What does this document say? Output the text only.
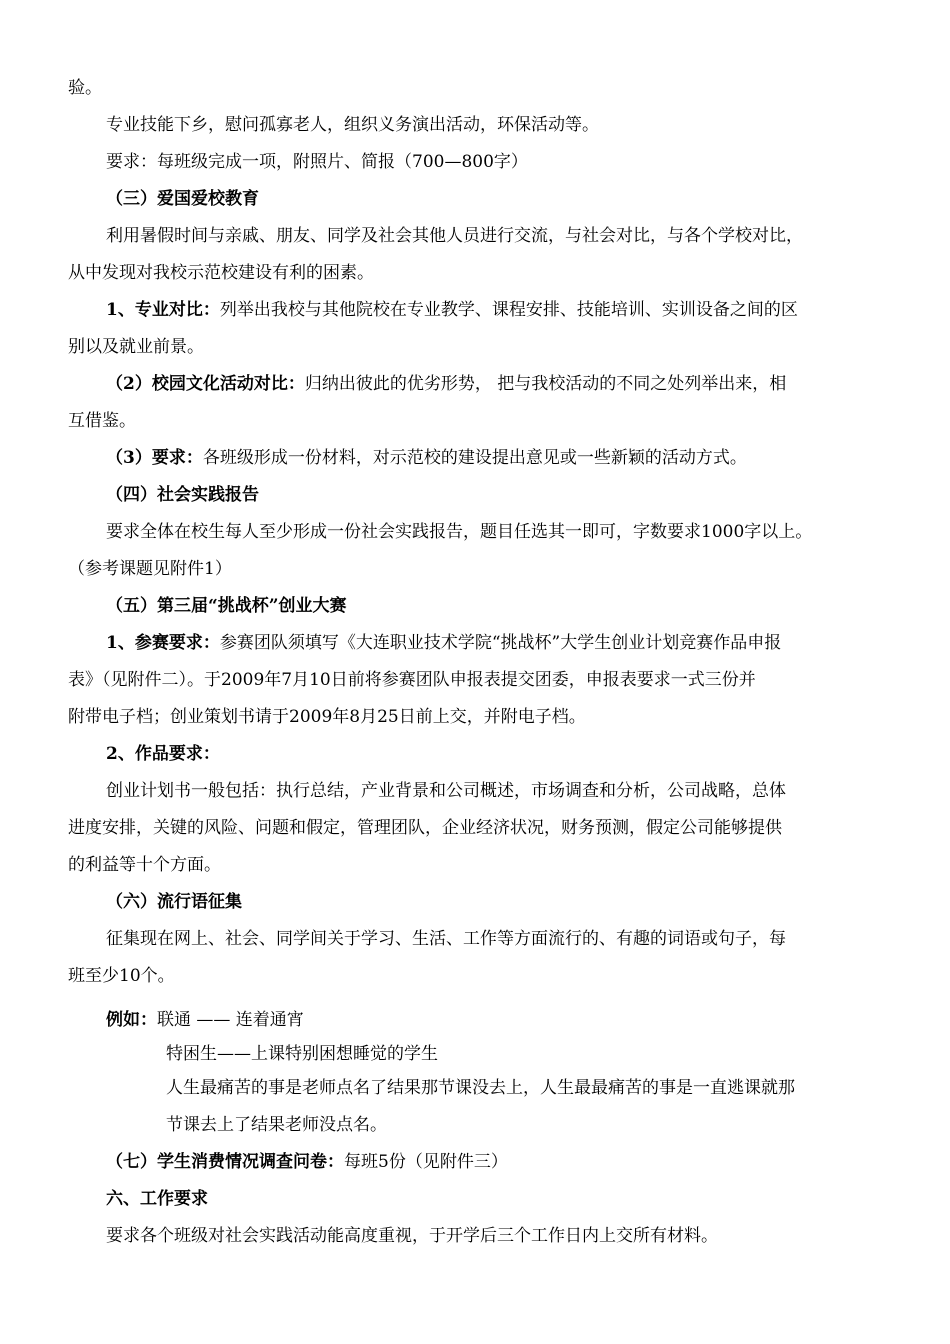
验。
专业技能下乡，慰问孤寡老人，组织义务演出活动，环保活动等。
要求：每班级完成一项，附照片、简报（700—800字）
（三）爱国爱校教育
利用暑假时间与亲戚、朋友、同学及社会其他人员进行交流，与社会对比，与各个学校对比，
从中发现对我校示范校建设有利的困素。
1、专业对比：列举出我校与其他院校在专业教学、课程安排、技能培训、实训设备之间的区
别以及就业前景。
（2）校园文化活动对比：归纳出彼此的优劣形势， 把与我校活动的不同之处列举出来，相
互借鉴。
（3）要求：各班级形成一份材料，对示范校的建设提出意见或一些新颖的活动方式。
（四）社会实践报告
要求全体在校生每人至少形成一份社会实践报告，题目任选其一即可，字数要求1000字以上。
（参考课题见附件1）
（五）第三届“挑战杯”创业大赛
1、参赛要求：参赛团队须填写《大连职业技术学院“挑战杯”大学生创业计划竞赛作品申报
表》（见附件二）。于2009年7月10日前将参赛团队申报表提交团委，申报表要求一式三份并
附带电子档；创业策划书请于2009年8月25日前上交，并附电子档。
2、作品要求：
创业计划书一般包括：执行总结，产业背景和公司概述，市场调查和分析，公司战略，总体
进度安排，关键的风险、问题和假定，管理团队，企业经济状况，财务预测，假定公司能够提供
的利益等十个方面。
（六）流行语征集
征集现在网上、社会、同学间关于学习、生活、工作等方面流行的、有趣的词语或句子，每
班至少10个。
例如：联通 —— 连着通宵
特困生——上课特别困想睡觉的学生
人生最痛苦的事是老师点名了结果那节课没去上，人生最最痛苦的事是一直逃课就那
节课去上了结果老师没点名。
（七）学生消费情况调查问卷：每班5份（见附件三）
六、工作要求
要求各个班级对社会实践活动能高度重视，于开学后三个工作日内上交所有材料。
